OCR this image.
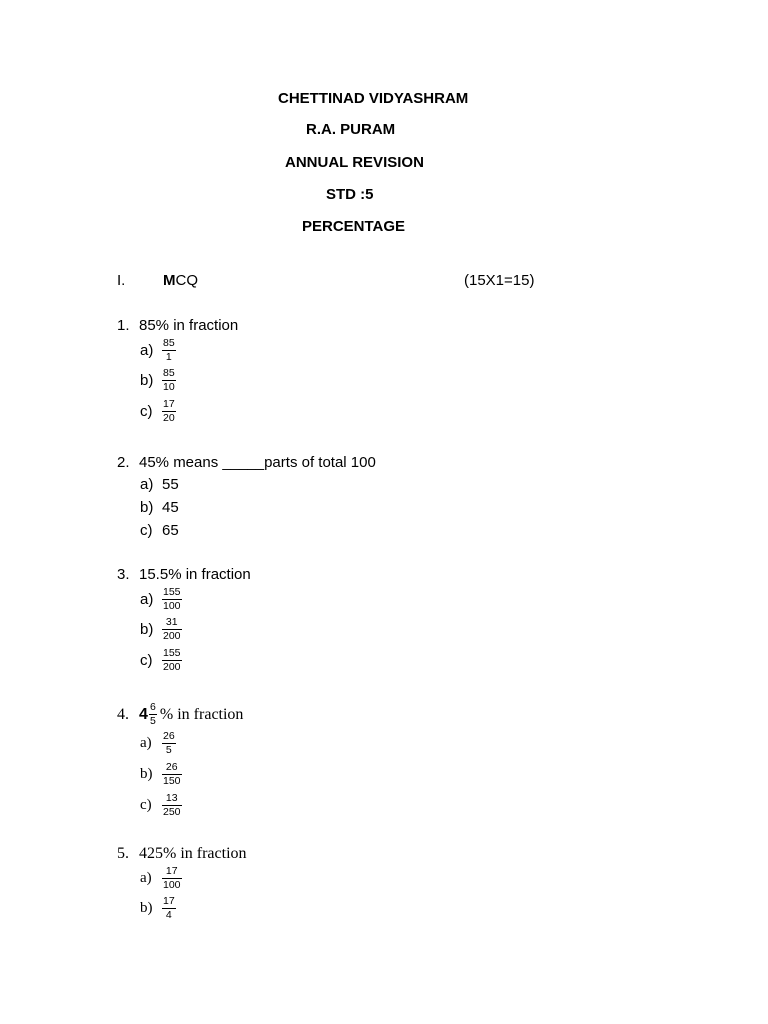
CHETTINAD VIDYASHRAM
R.A. PURAM
ANNUAL REVISION
STD :5
PERCENTAGE
I.	MCQ	(15X1=15)
1. 85% in fraction
$a) \frac{85}{1}$
$b) \frac{85}{10}$
$c) \frac{17}{20}$
2. 45% means _____parts of total 100
a) 55
b) 45
c) 65
3. 15.5% in fraction
$a) \frac{155}{100}$
$b) \frac{31}{200}$
$c) \frac{155}{200}$
4. $4 \frac{6}{5}$ % in fraction
$a) \frac{26}{5}$
$b) \frac{26}{150}$
$c) \frac{13}{250}$
5. 425% in fraction
$a) \frac{17}{100}$
$b) \frac{17}{4}$
